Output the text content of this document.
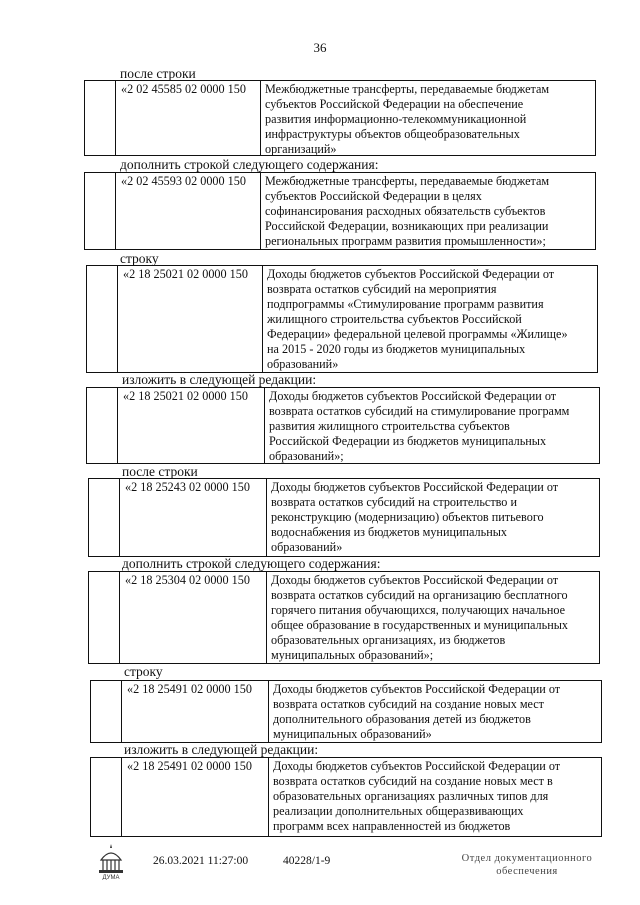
36
после строки
«2 02 45585 02 0000 150	Межбюджетные трансферты, передаваемые бюджетам
субъектов Российской Федерации на обеспечение
развития информационно-телекоммуникационной
инфраструктуры объектов общеобразовательных
организаций»
дополнить строкой следующего содержания:
«2 02 45593 02 0000 150	Межбюджетные трансферты, передаваемые бюджетам
субъектов Российской Федерации в целях
софинансирования расходных обязательств субъектов
Российской Федерации, возникающих при реализации
региональных программ развития промышленности»;
строку
«2 18 25021 02 0000 150	Доходы бюджетов субъектов Российской Федерации от
возврата остатков субсидий на мероприятия
подпрограммы «Стимулирование программ развития
жилищного строительства субъектов Российской
Федерации» федеральной целевой программы «Жилище»
на 2015 - 2020 годы из бюджетов муниципальных
образований»
изложить в следующей редакции:
«2 18 25021 02 0000 150	Доходы бюджетов субъектов Российской Федерации от
возврата остатков субсидий на стимулирование программ
развития жилищного строительства субъектов
Российской Федерации из бюджетов муниципальных
образований»;
после строки
«2 18 25243 02 0000 150	Доходы бюджетов субъектов Российской Федерации от
возврата остатков субсидий на строительство и
реконструкцию (модернизацию) объектов питьевого
водоснабжения из бюджетов муниципальных
образований»
дополнить строкой следующего содержания:
«2 18 25304 02 0000 150	Доходы бюджетов субъектов Российской Федерации от
возврата остатков субсидий на организацию бесплатного
горячего питания обучающихся, получающих начальное
общее образование в государственных и муниципальных
образовательных организациях, из бюджетов
муниципальных образований»;
строку
«2 18 25491 02 0000 150	Доходы бюджетов субъектов Российской Федерации от
возврата остатков субсидий на создание новых мест
дополнительного образования детей из бюджетов
муниципальных образований»
изложить в следующей редакции:
«2 18 25491 02 0000 150	Доходы бюджетов субъектов Российской Федерации от
возврата остатков субсидий на создание новых мест в
образовательных организациях различных типов для
реализации дополнительных общеразвивающих
программ всех направленностей из бюджетов
ДУМА
26.03.2021 11:27:00	40228/1-9	Отдел документационного
обеспечения
